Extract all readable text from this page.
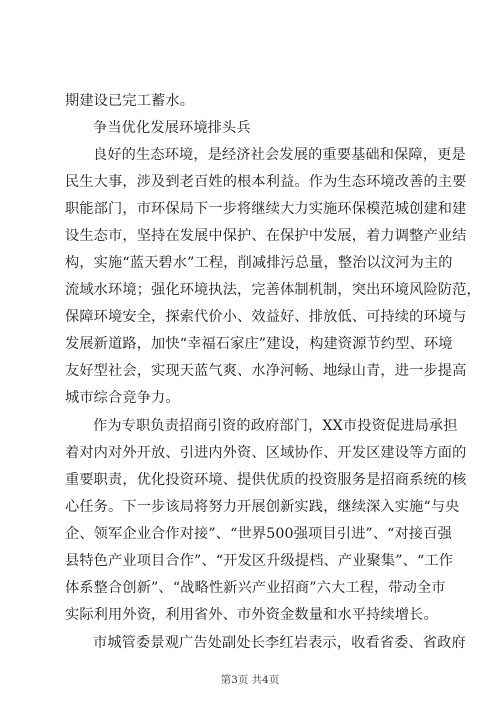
期建设已完工蓄水。
争当优化发展环境排头兵
良好的生态环境，是经济社会发展的重要基础和保障，更是
民生大事，涉及到老百姓的根本利益。作为生态环境改善的主要
职能部门，市环保局下一步将继续大力实施环保模范城创建和建
设生态市，坚持在发展中保护、在保护中发展，着力调整产业结
构，实施“蓝天碧水”工程，削减排污总量，整治以汶河为主的
流域水环境；强化环境执法，完善体制机制，突出环境风险防范，
保障环境安全，探索代价小、效益好、排放低、可持续的环境与
发展新道路，加快“幸福石家庄”建设，构建资源节约型、环境
友好型社会，实现天蓝气爽、水净河畅、地绿山青，进一步提高
城市综合竞争力。
作为专职负责招商引资的政府部门，XX市投资促进局承担
着对内对外开放、引进内外资、区域协作、开发区建设等方面的
重要职责，优化投资环境、提供优质的投资服务是招商系统的核
心任务。下一步该局将努力开展创新实践，继续深入实施“与央
企、领军企业合作对接”、“世界500强项目引进”、“对接百强
县特色产业项目合作”、“开发区升级提档、产业聚集”、“工作
体系整合创新”、“战略性新兴产业招商”六大工程，带动全市
实际利用外资，利用省外、市外资金数量和水平持续增长。
市城管委景观广告处副处长李红岩表示，收看省委、省政府
第3页 共4页
